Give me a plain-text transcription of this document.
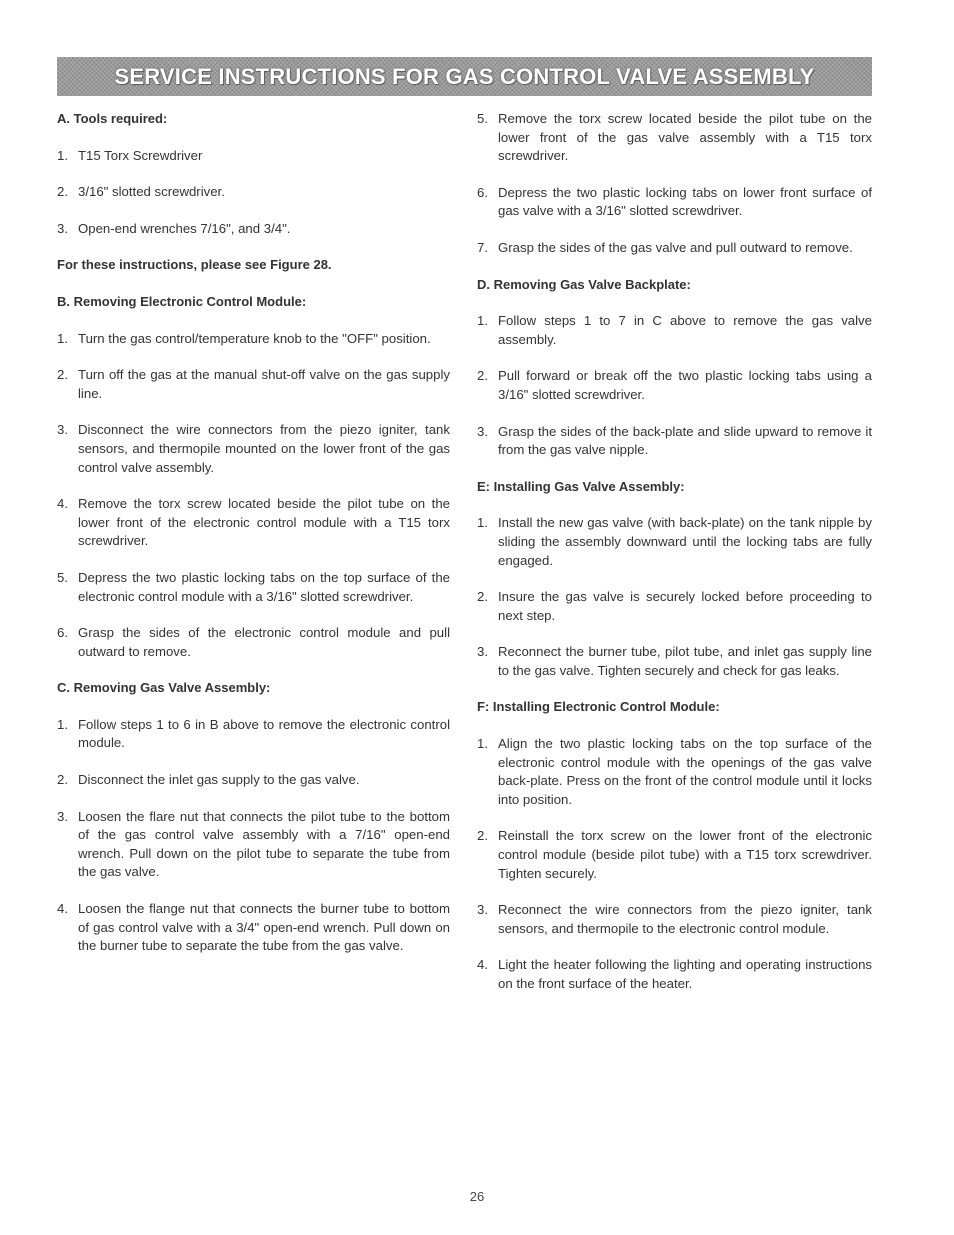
SERVICE INSTRUCTIONS FOR GAS CONTROL VALVE ASSEMBLY
A. Tools required:
1. T15 Torx Screwdriver
2. 3/16" slotted screwdriver.
3. Open-end wrenches 7/16", and 3/4".
For these instructions, please see Figure 28.
B. Removing Electronic Control Module:
1. Turn the gas control/temperature knob to the "OFF" position.
2. Turn off the gas at the manual shut-off valve on the gas supply line.
3. Disconnect the wire connectors from the piezo igniter, tank sensors, and thermopile mounted on the lower front of the gas control valve assembly.
4. Remove the torx screw located beside the pilot tube on the lower front of the electronic control module with a T15 torx screwdriver.
5. Depress the two plastic locking tabs on the top surface of the electronic control module with a 3/16" slotted screwdriver.
6. Grasp the sides of the electronic control module and pull outward to remove.
C. Removing Gas Valve Assembly:
1. Follow steps 1 to 6 in B above to remove the electronic control module.
2. Disconnect the inlet gas supply to the gas valve.
3. Loosen the flare nut that connects the pilot tube to the bottom of the gas control valve assembly with a 7/16" open-end wrench. Pull down on the pilot tube to separate the tube from the gas valve.
4. Loosen the flange nut that connects the burner tube to bottom of gas control valve with a 3/4" open-end wrench. Pull down on the burner tube to separate the tube from the gas valve.
5. Remove the torx screw located beside the pilot tube on the lower front of the gas valve assembly with a T15 torx screwdriver.
6. Depress the two plastic locking tabs on lower front surface of gas valve with a 3/16" slotted screwdriver.
7. Grasp the sides of the gas valve and pull outward to remove.
D. Removing Gas Valve Backplate:
1. Follow steps 1 to 7 in C above to remove the gas valve assembly.
2. Pull forward or break off the two plastic locking tabs using a 3/16" slotted screwdriver.
3. Grasp the sides of the back-plate and slide upward to remove it from the gas valve nipple.
E: Installing Gas Valve Assembly:
1. Install the new gas valve (with back-plate) on the tank nipple by sliding the assembly downward until the locking tabs are fully engaged.
2. Insure the gas valve is securely locked before proceeding to next step.
3. Reconnect the burner tube, pilot tube, and inlet gas supply line to the gas valve. Tighten securely and check for gas leaks.
F: Installing Electronic Control Module:
1. Align the two plastic locking tabs on the top surface of the electronic control module with the openings of the gas valve back-plate. Press on the front of the control module until it locks into position.
2. Reinstall the torx screw on the lower front of the electronic control module (beside pilot tube) with a T15 torx screwdriver. Tighten securely.
3. Reconnect the wire connectors from the piezo igniter, tank sensors, and thermopile to the electronic control module.
4. Light the heater following the lighting and operating instructions on the front surface of the heater.
26
